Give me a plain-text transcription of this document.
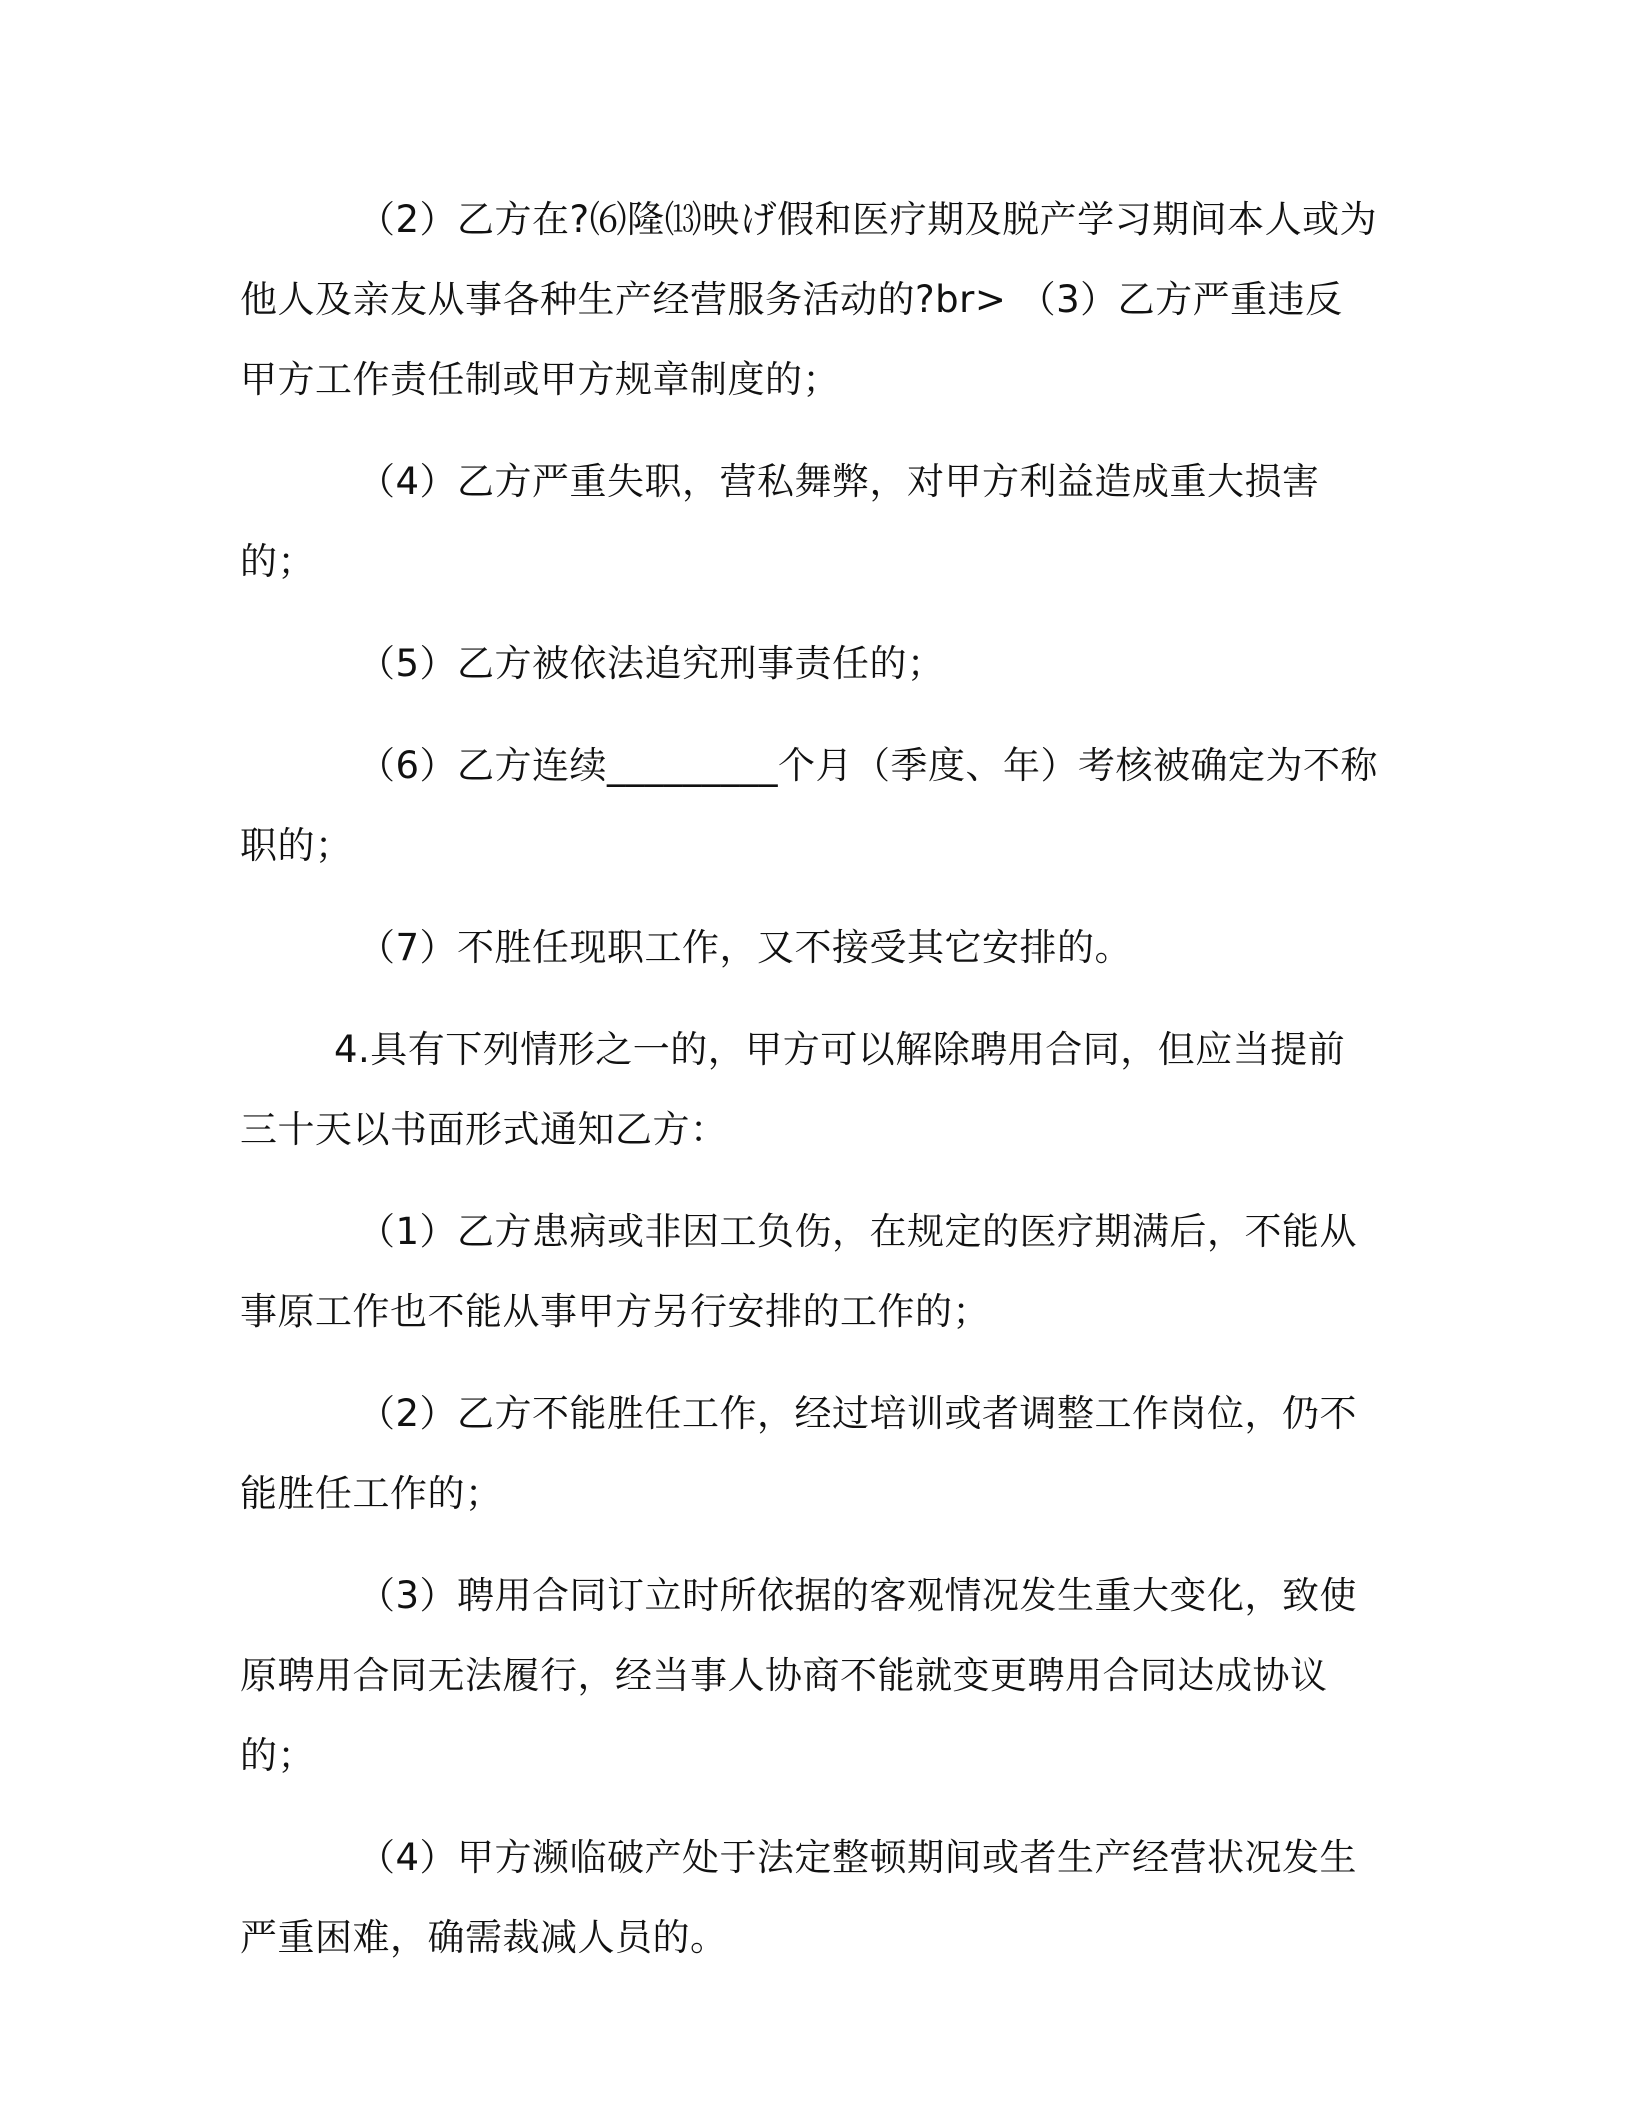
（2）乙方在?⑹隆⒀映げ假和医疗期及脱产学习期间本人或为他人及亲友从事各种生产经营服务活动的?br> （3）乙方严重违反甲方工作责任制或甲方规章制度的；

（4）乙方严重失职，营私舞弊，对甲方利益造成重大损害的；

（5）乙方被依法追究刑事责任的；

（6）乙方连续_________个月（季度、年）考核被确定为不称职的；

（7）不胜任现职工作，又不接受其它安排的。

4.具有下列情形之一的，甲方可以解除聘用合同，但应当提前三十天以书面形式通知乙方：

（1）乙方患病或非因工负伤，在规定的医疗期满后，不能从事原工作也不能从事甲方另行安排的工作的；

（2）乙方不能胜任工作，经过培训或者调整工作岗位，仍不能胜任工作的；

（3）聘用合同订立时所依据的客观情况发生重大变化，致使原聘用合同无法履行，经当事人协商不能就变更聘用合同达成协议的；

（4）甲方濒临破产处于法定整顿期间或者生产经营状况发生严重困难，确需裁减人员的。
